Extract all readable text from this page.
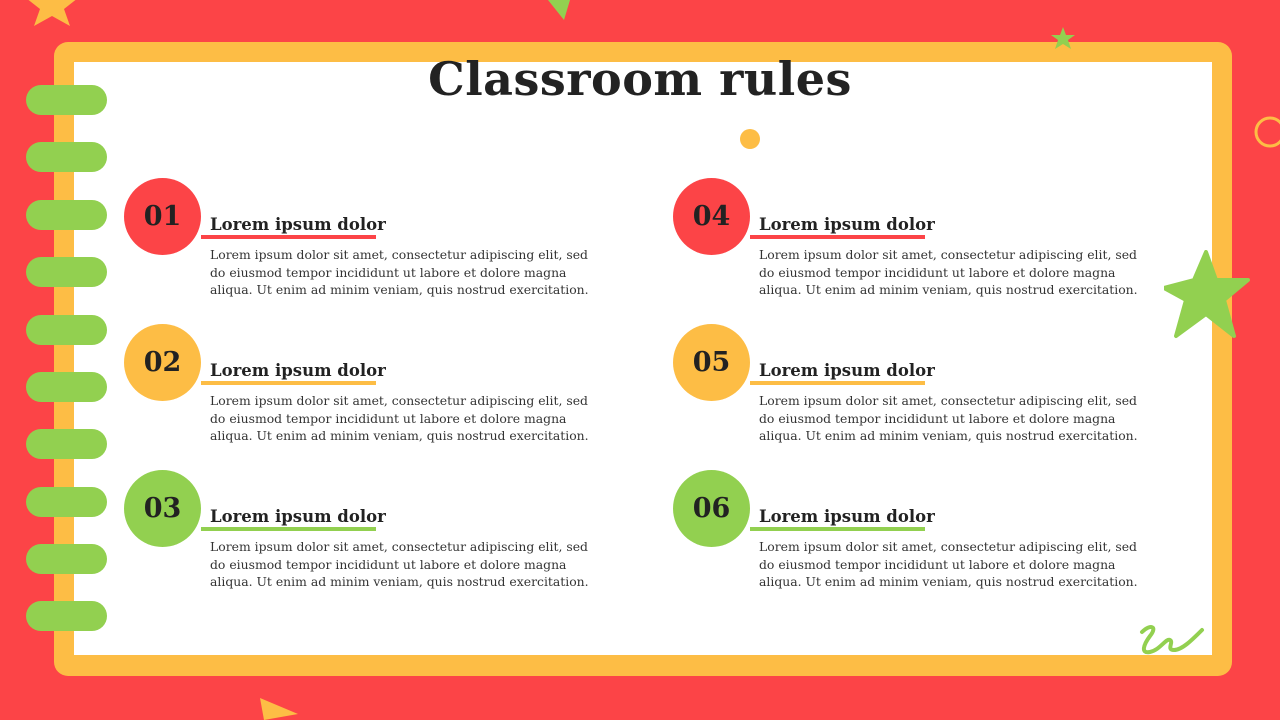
Classroom rules
01	Lorem ipsum dolor
Lorem ipsum dolor sit amet, consectetur adipiscing elit, sed do eiusmod tempor incididunt ut labore et dolore magna aliqua. Ut enim ad minim veniam, quis nostrud exercitation.
02	Lorem ipsum dolor
Lorem ipsum dolor sit amet, consectetur adipiscing elit, sed do eiusmod tempor incididunt ut labore et dolore magna aliqua. Ut enim ad minim veniam, quis nostrud exercitation.
03	Lorem ipsum dolor
Lorem ipsum dolor sit amet, consectetur adipiscing elit, sed do eiusmod tempor incididunt ut labore et dolore magna aliqua. Ut enim ad minim veniam, quis nostrud exercitation.
04	Lorem ipsum dolor
Lorem ipsum dolor sit amet, consectetur adipiscing elit, sed do eiusmod tempor incididunt ut labore et dolore magna aliqua. Ut enim ad minim veniam, quis nostrud exercitation.
05	Lorem ipsum dolor
Lorem ipsum dolor sit amet, consectetur adipiscing elit, sed do eiusmod tempor incididunt ut labore et dolore magna aliqua. Ut enim ad minim veniam, quis nostrud exercitation.
06	Lorem ipsum dolor
Lorem ipsum dolor sit amet, consectetur adipiscing elit, sed do eiusmod tempor incididunt ut labore et dolore magna aliqua. Ut enim ad minim veniam, quis nostrud exercitation.
